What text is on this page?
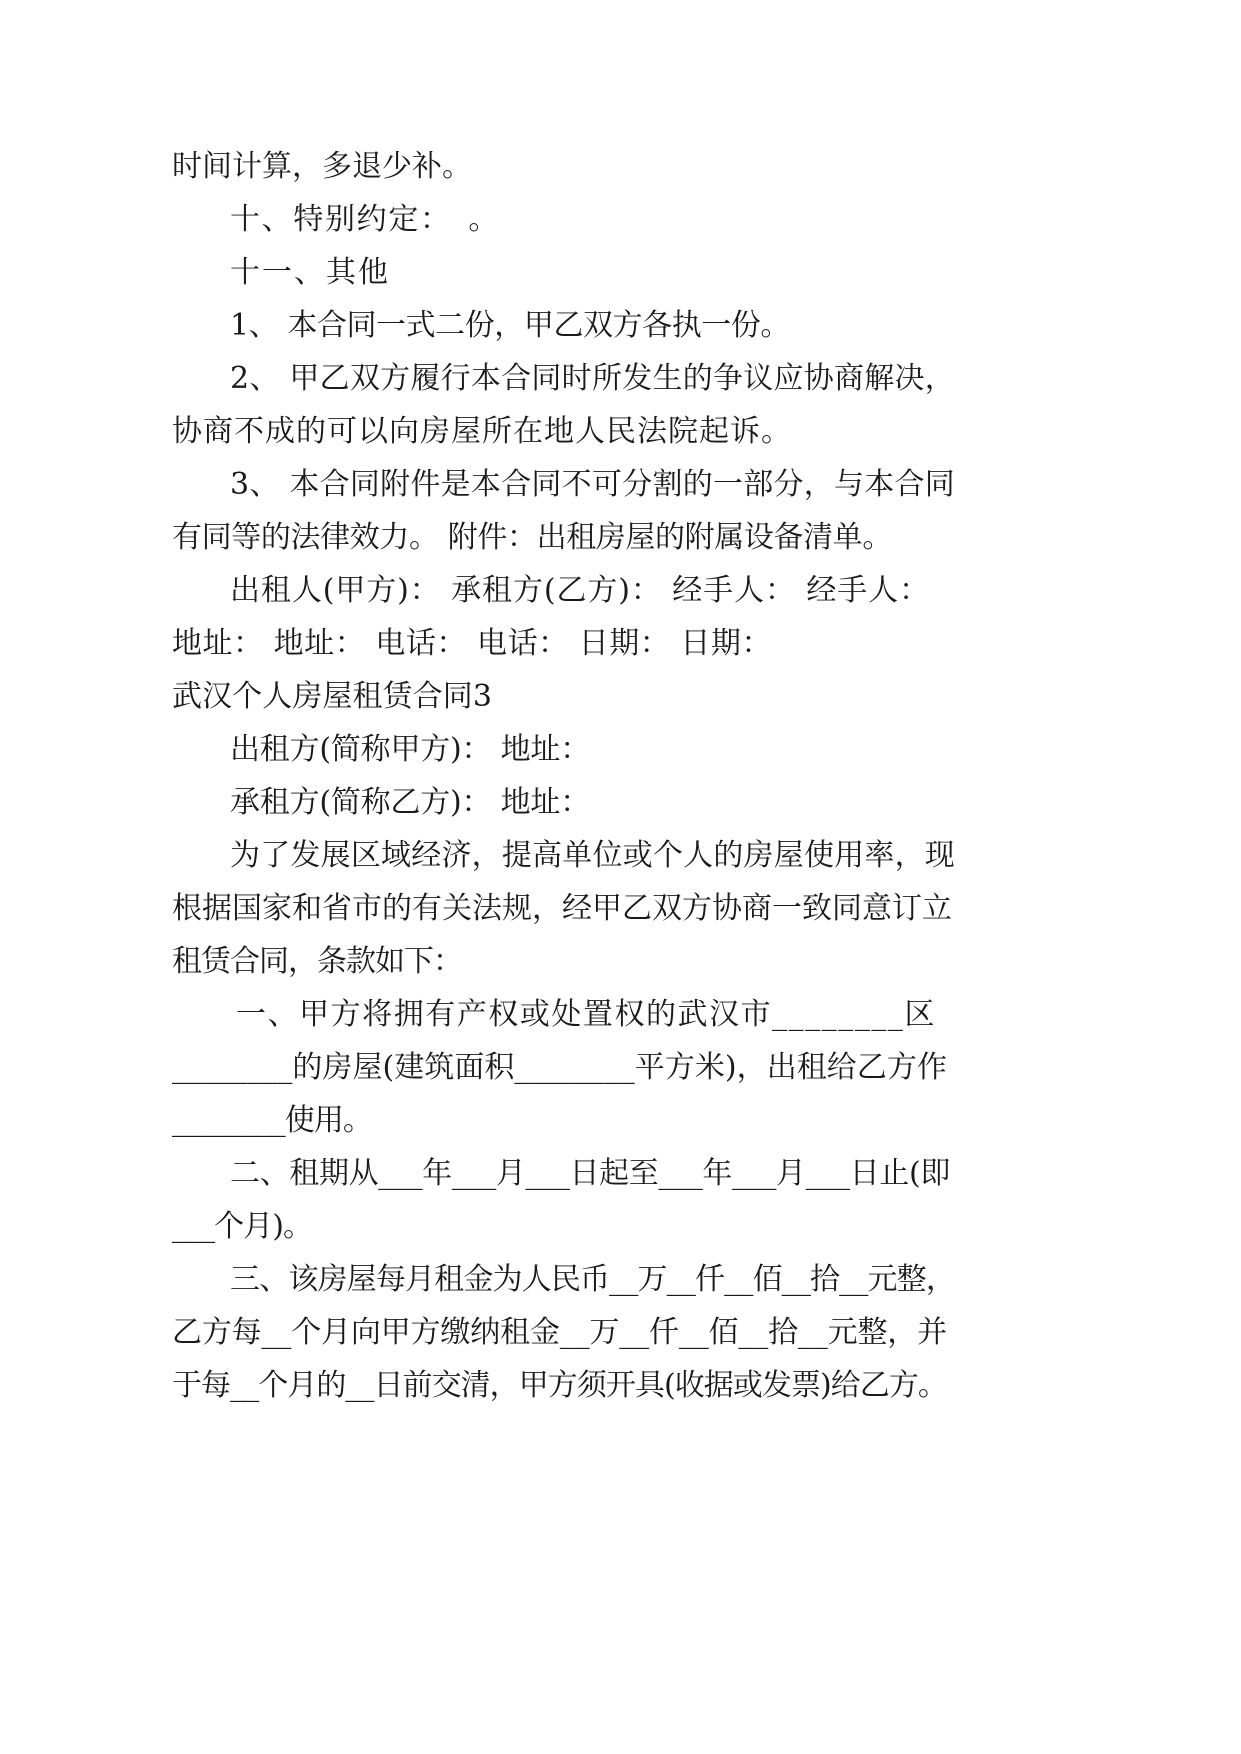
时间计算，多退少补。
十、特别约定：　。
十一、其他
1、 本合同一式二份，甲乙双方各执一份。
2、 甲乙双方履行本合同时所发生的争议应协商解决，
协商不成的可以向房屋所在地人民法院起诉。
3、 本合同附件是本合同不可分割的一部分，与本合同
有同等的法律效力。 附件：出租房屋的附属设备清单。
出租人(甲方)： 承租方(乙方)： 经手人： 经手人：
地址： 地址： 电话： 电话： 日期： 日期：
武汉个人房屋租赁合同3
出租方(简称甲方)： 地址：
承租方(简称乙方)： 地址：
为了发展区域经济，提高单位或个人的房屋使用率，现
根据国家和省市的有关法规，经甲乙双方协商一致同意订立
租赁合同，条款如下：
一、甲方将拥有产权或处置权的武汉市________区
________的房屋(建筑面积________平方米)，出租给乙方作
________使用。
二、租期从___年___月___日起至___年___月___日止(即
___个月)。
三、该房屋每月租金为人民币__万__仟__佰__拾__元整，
乙方每__个月向甲方缴纳租金__万__仟__佰__拾__元整，并
于每__个月的__日前交清，甲方须开具(收据或发票)给乙方。
